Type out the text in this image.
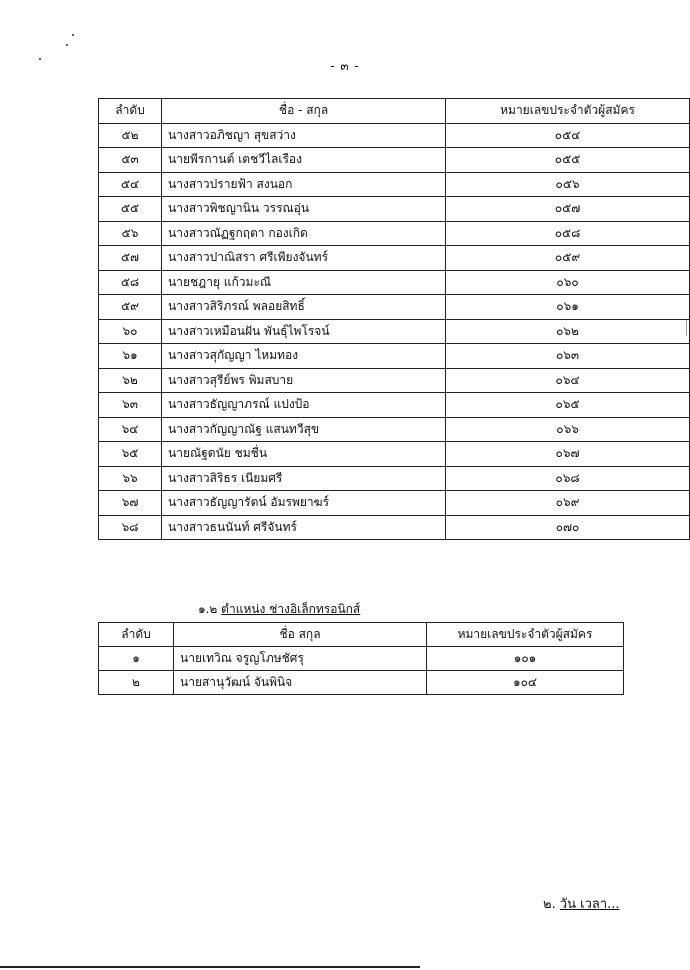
- ๓ -
ลำดับ	ชื่อ - สกุล	หมายเลขประจำตัวผู้สมัคร
๕๒	นางสาวอภิชญา สุขสว่าง	๐๕๔
๕๓	นายพีรกานต์ เตชวีไลเรือง	๐๕๕
๕๔	นางสาวปรายฟ้า สงนอก	๐๕๖
๕๕	นางสาวพิชญานิน วรรณอุ่น	๐๕๗
๕๖	นางสาวณัฏฐกฤตา กองเกิด	๐๕๘
๕๗	นางสาวปาณิสรา ศรีเพียงจันทร์	๐๕๙
๕๘	นายชฎายุ แก้วมะณี	๐๖๐
๕๙	นางสาวสิริภรณ์ พลอยสิทธิ์	๐๖๑
๖๐	นางสาวเหมือนฝัน พันธุ์ไพโรจน์	๐๖๒
๖๑	นางสาวสุกัญญา ไหมทอง	๐๖๓
๖๒	นางสาวสุรีย์พร พิมสบาย	๐๖๔
๖๓	นางสาวธัญญาภรณ์ แปงป้อ	๐๖๕
๖๔	นางสาวกัญญาณัฐ แสนทวีสุข	๐๖๖
๖๕	นายณัฐดนัย ชมชื่น	๐๖๗
๖๖	นางสาวสิริธร เนียมศรี	๐๖๘
๖๗	นางสาวธัญญารัตน์ อัมรพยาฆร์	๐๖๙
๖๘	นางสาวธนนันท์ ศรีจันทร์	๐๗๐
๑.๒ ตำแหน่ง ช่างอิเล็กทรอนิกส์
ลำดับ	ชื่อ สกุล	หมายเลขประจำตัวผู้สมัคร
๑	นายเทวิณ จรูญโภษชัศรุ	๑๐๑
๒	นายสานุวัฒน์ จันพินิจ	๑๐๔
๒. วัน เวลา...
